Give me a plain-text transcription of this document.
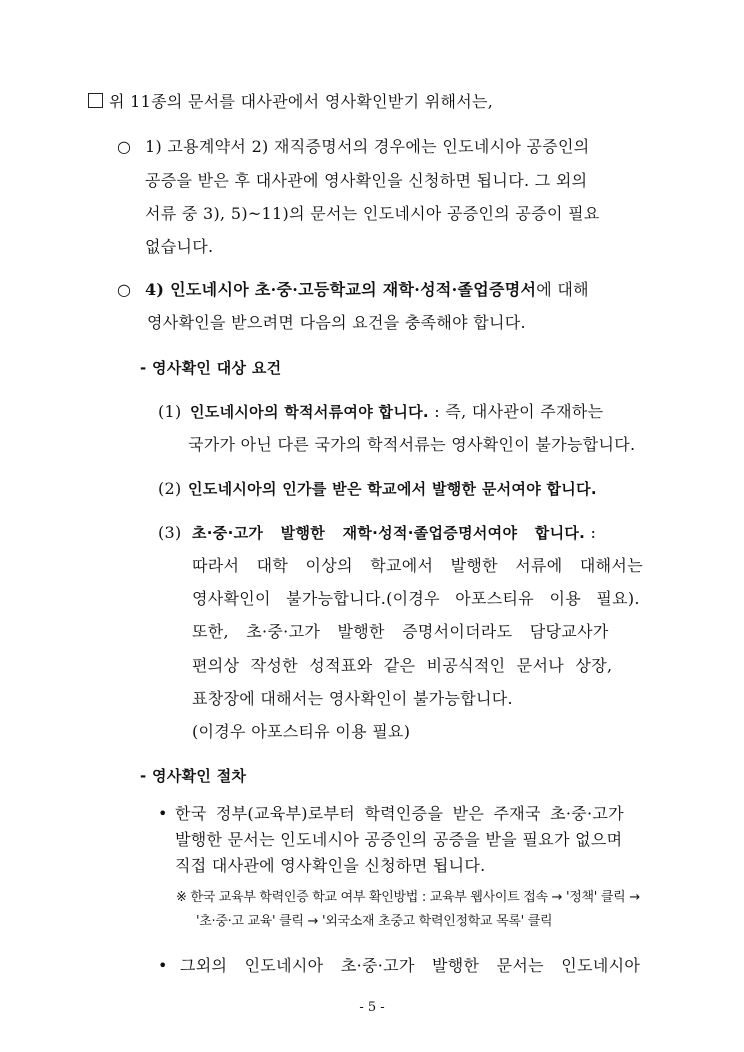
위 11종의 문서를 대사관에서 영사확인받기 위해서는,
○ 1) 고용계약서 2) 재직증명서의 경우에는 인도네시아 공증인의
공증을 받은 후 대사관에 영사확인을 신청하면 됩니다. 그 외의
서류 중 3), 5)~11)의 문서는 인도네시아 공증인의 공증이 필요
없습니다.
○ 4) 인도네시아 초·중·고등학교의 재학·성적·졸업증명서에 대해
영사확인을 받으려면 다음의 요건을 충족해야 합니다.
- 영사확인 대상 요건
(1) 인도네시아의 학적서류여야 합니다. : 즉, 대사관이 주재하는
국가가 아닌 다른 국가의 학적서류는 영사확인이 불가능합니다.
(2) 인도네시아의 인가를 받은 학교에서 발행한 문서여야 합니다.
(3) 초·중·고가 발행한 재학·성적·졸업증명서여야 합니다. :
따라서 대학 이상의 학교에서 발행한 서류에 대해서는
영사확인이 불가능합니다.(이경우 아포스티유 이용 필요).
또한, 초·중·고가 발행한 증명서이더라도 담당교사가
편의상 작성한 성적표와 같은 비공식적인 문서나 상장,
표창장에 대해서는 영사확인이 불가능합니다.
(이경우 아포스티유 이용 필요)
- 영사확인 절차
• 한국 정부(교육부)로부터 학력인증을 받은 주재국 초·중·고가
발행한 문서는 인도네시아 공증인의 공증을 받을 필요가 없으며
직접 대사관에 영사확인을 신청하면 됩니다.
※ 한국 교육부 학력인증 학교 여부 확인방법 : 교육부 웹사이트 접속 → '정책' 클릭 →
'초·중·고 교육' 클릭 → '외국소재 초중고 학력인정학교 목록' 클릭
• 그외의 인도네시아 초·중·고가 발행한 문서는 인도네시아
- 5 -
